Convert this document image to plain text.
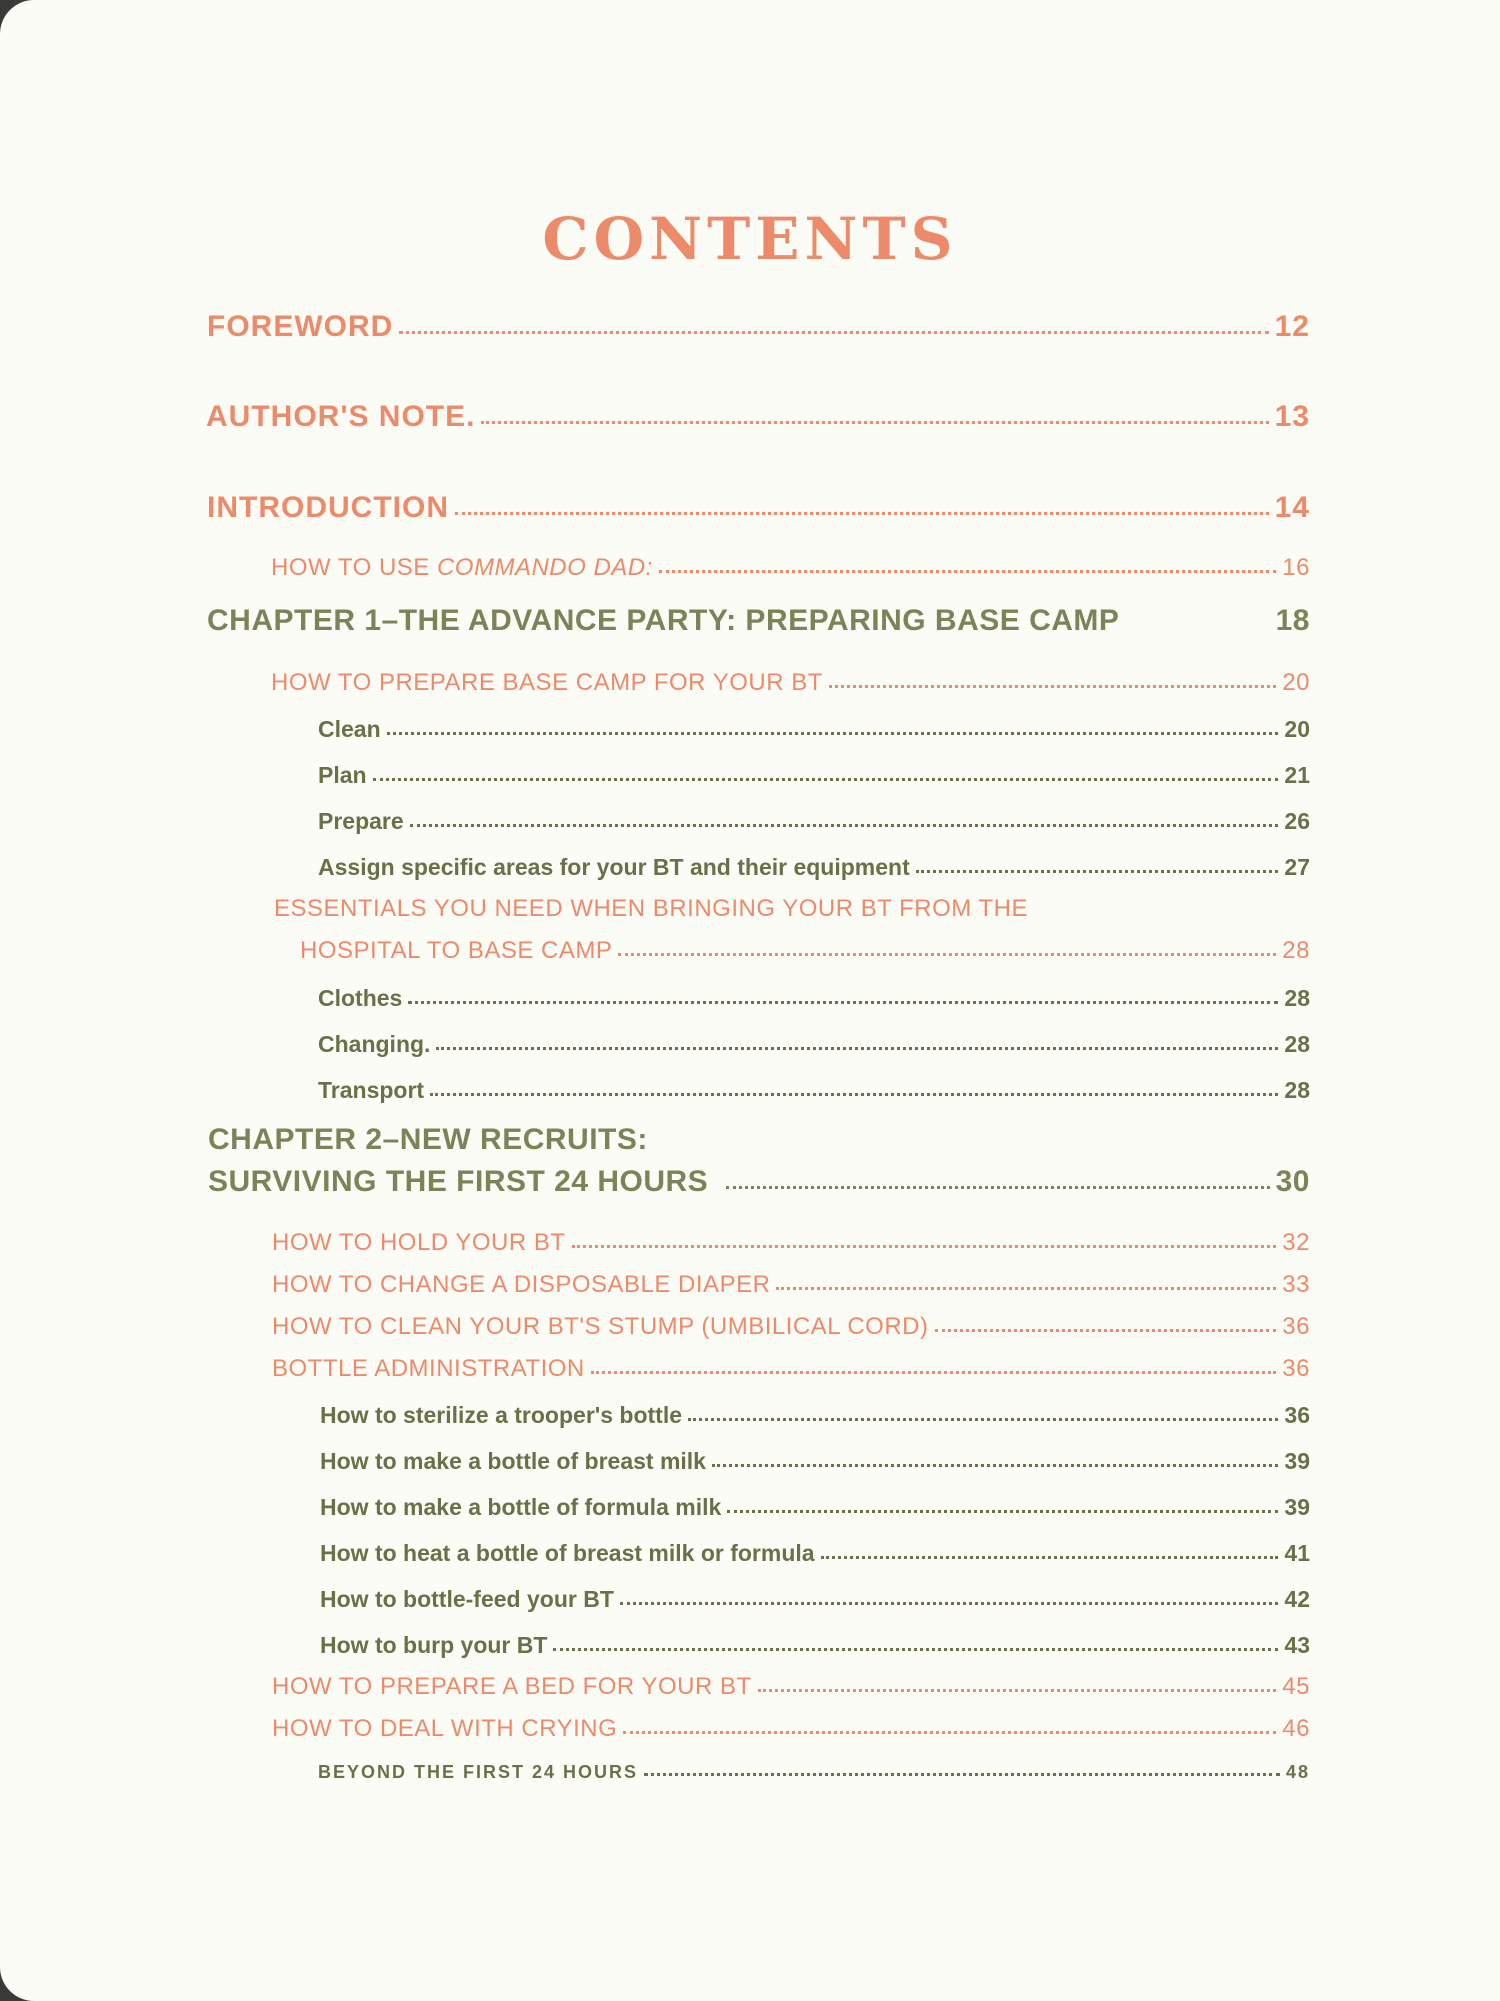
CONTENTS
FOREWORD	12
AUTHOR'S NOTE.	13
INTRODUCTION	14
HOW TO USE COMMANDO DAD:	16
CHAPTER 1–THE ADVANCE PARTY: PREPARING BASE CAMP	18
HOW TO PREPARE BASE CAMP FOR YOUR BT	20
Clean	20
Plan	21
Prepare	26
Assign specific areas for your BT and their equipment	27
ESSENTIALS YOU NEED WHEN BRINGING YOUR BT FROM THE
HOSPITAL TO BASE CAMP	28
Clothes	28
Changing.	28
Transport	28
CHAPTER 2–NEW RECRUITS:
SURVIVING THE FIRST 24 HOURS	30
HOW TO HOLD YOUR BT	32
HOW TO CHANGE A DISPOSABLE DIAPER	33
HOW TO CLEAN YOUR BT'S STUMP (UMBILICAL CORD)	36
BOTTLE ADMINISTRATION	36
How to sterilize a trooper's bottle	36
How to make a bottle of breast milk	39
How to make a bottle of formula milk	39
How to heat a bottle of breast milk or formula	41
How to bottle-feed your BT	42
How to burp your BT	43
HOW TO PREPARE A BED FOR YOUR BT	45
HOW TO DEAL WITH CRYING	46
BEYOND THE FIRST 24 HOURS	48
